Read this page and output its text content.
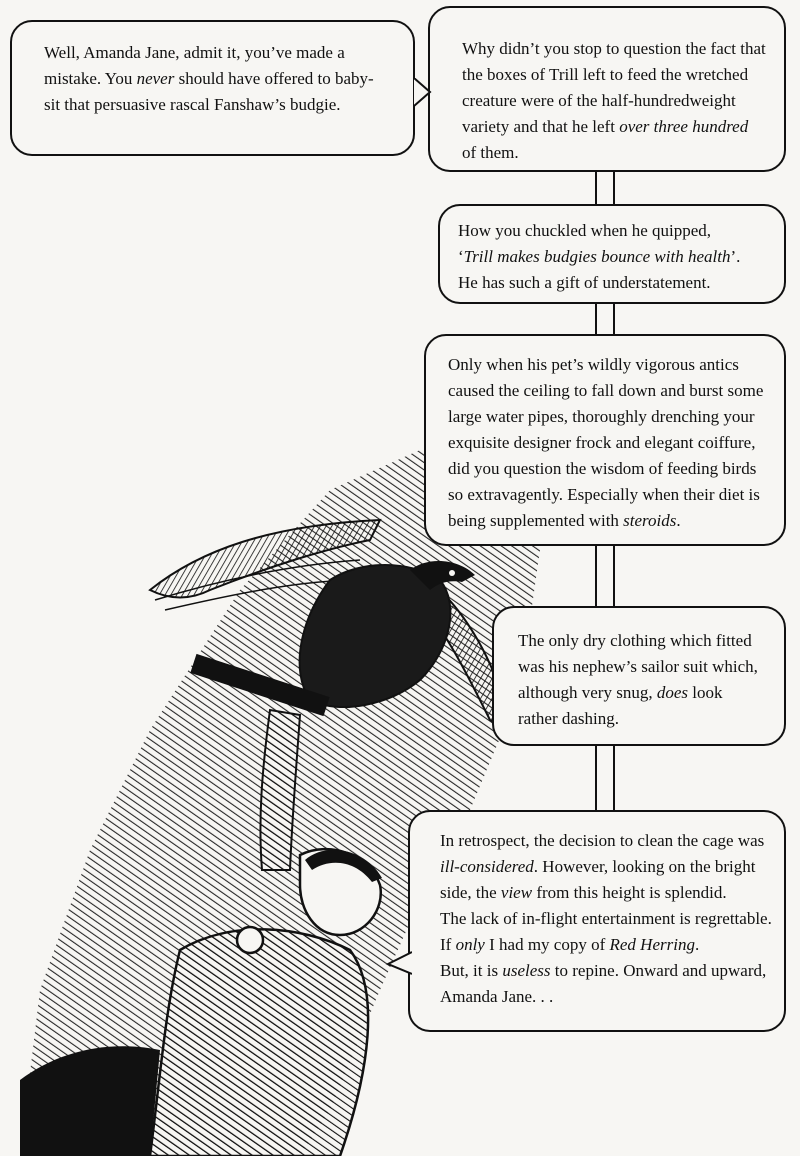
Well, Amanda Jane, admit it, you’ve made a

mistake. You never should have offered to baby-

sit that persuasive rascal Fanshaw’s budgie.

Why didn’t you stop to question the fact that

the boxes of Trill left to feed the wretched

creature were of the half-hundredweight

variety and that he left over three hundred

of them.

How you chuckled when he quipped,

‘Trill makes budgies bounce with health’.

He has such a gift of understatement.

Only when his pet’s wildly vigorous antics

caused the ceiling to fall down and burst some

large water pipes, thoroughly drenching your

exquisite designer frock and elegant coiffure,

did you question the wisdom of feeding birds

so extravagently. Especially when their diet is

being supplemented with steroids.

The only dry clothing which fitted

was his nephew’s sailor suit which,

although very snug, does look

rather dashing.

In retrospect, the decision to clean the cage was

ill-considered. However, looking on the bright

side, the view from this height is splendid.

The lack of in-flight entertainment is regrettable.

If only I had my copy of Red Herring.

But, it is useless to repine. Onward and upward,

Amanda Jane. . .
